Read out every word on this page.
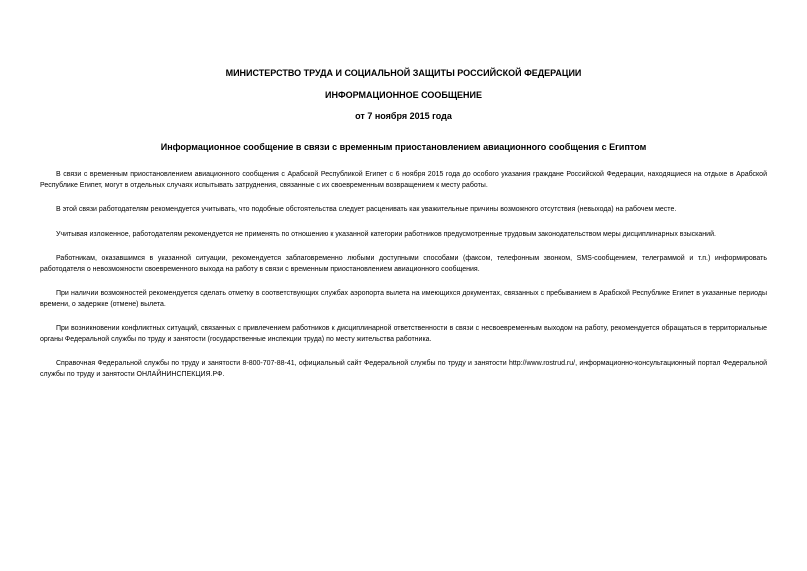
МИНИСТЕРСТВО ТРУДА И СОЦИАЛЬНОЙ ЗАЩИТЫ РОССИЙСКОЙ ФЕДЕРАЦИИ
ИНФОРМАЦИОННОЕ СООБЩЕНИЕ
от 7 ноября 2015 года
Информационное сообщение в связи с временным приостановлением авиационного сообщения с Египтом

В связи с временным приостановлением авиационного сообщения с Арабской Республикой Египет с 6 ноября 2015 года до особого указания граждане Российской Федерации, находящиеся на отдыхе в Арабской Республике Египет, могут в отдельных случаях испытывать затруднения, связанные с их своевременным возвращением к месту работы.

В этой связи работодателям рекомендуется учитывать, что подобные обстоятельства следует расценивать как уважительные причины возможного отсутствия (невыхода) на рабочем месте.

Учитывая изложенное, работодателям рекомендуется не применять по отношению к указанной категории работников предусмотренные трудовым законодательством меры дисциплинарных взысканий.

Работникам, оказавшимся в указанной ситуации, рекомендуется заблаговременно любыми доступными способами (факсом, телефонным звонком, SMS-сообщением, телеграммой и т.п.) информировать работодателя о невозможности своевременного выхода на работу в связи с временным приостановлением авиационного сообщения.

При наличии возможностей рекомендуется сделать отметку в соответствующих службах аэропорта вылета на имеющихся документах, связанных с пребыванием в Арабской Республике Египет в указанные периоды времени, о задержке (отмене) вылета.

При возникновении конфликтных ситуаций, связанных с привлечением работников к дисциплинарной ответственности в связи с несвоевременным выходом на работу, рекомендуется обращаться в территориальные органы Федеральной службы по труду и занятости (государственные инспекции труда) по месту жительства работника.

Справочная Федеральной службы по труду и занятости 8-800-707-88-41, официальный сайт Федеральной службы по труду и занятости http://www.rostrud.ru/, информационно-консультационный портал Федеральной службы по труду и занятости ОНЛАЙНИНСПЕКЦИЯ.РФ.
